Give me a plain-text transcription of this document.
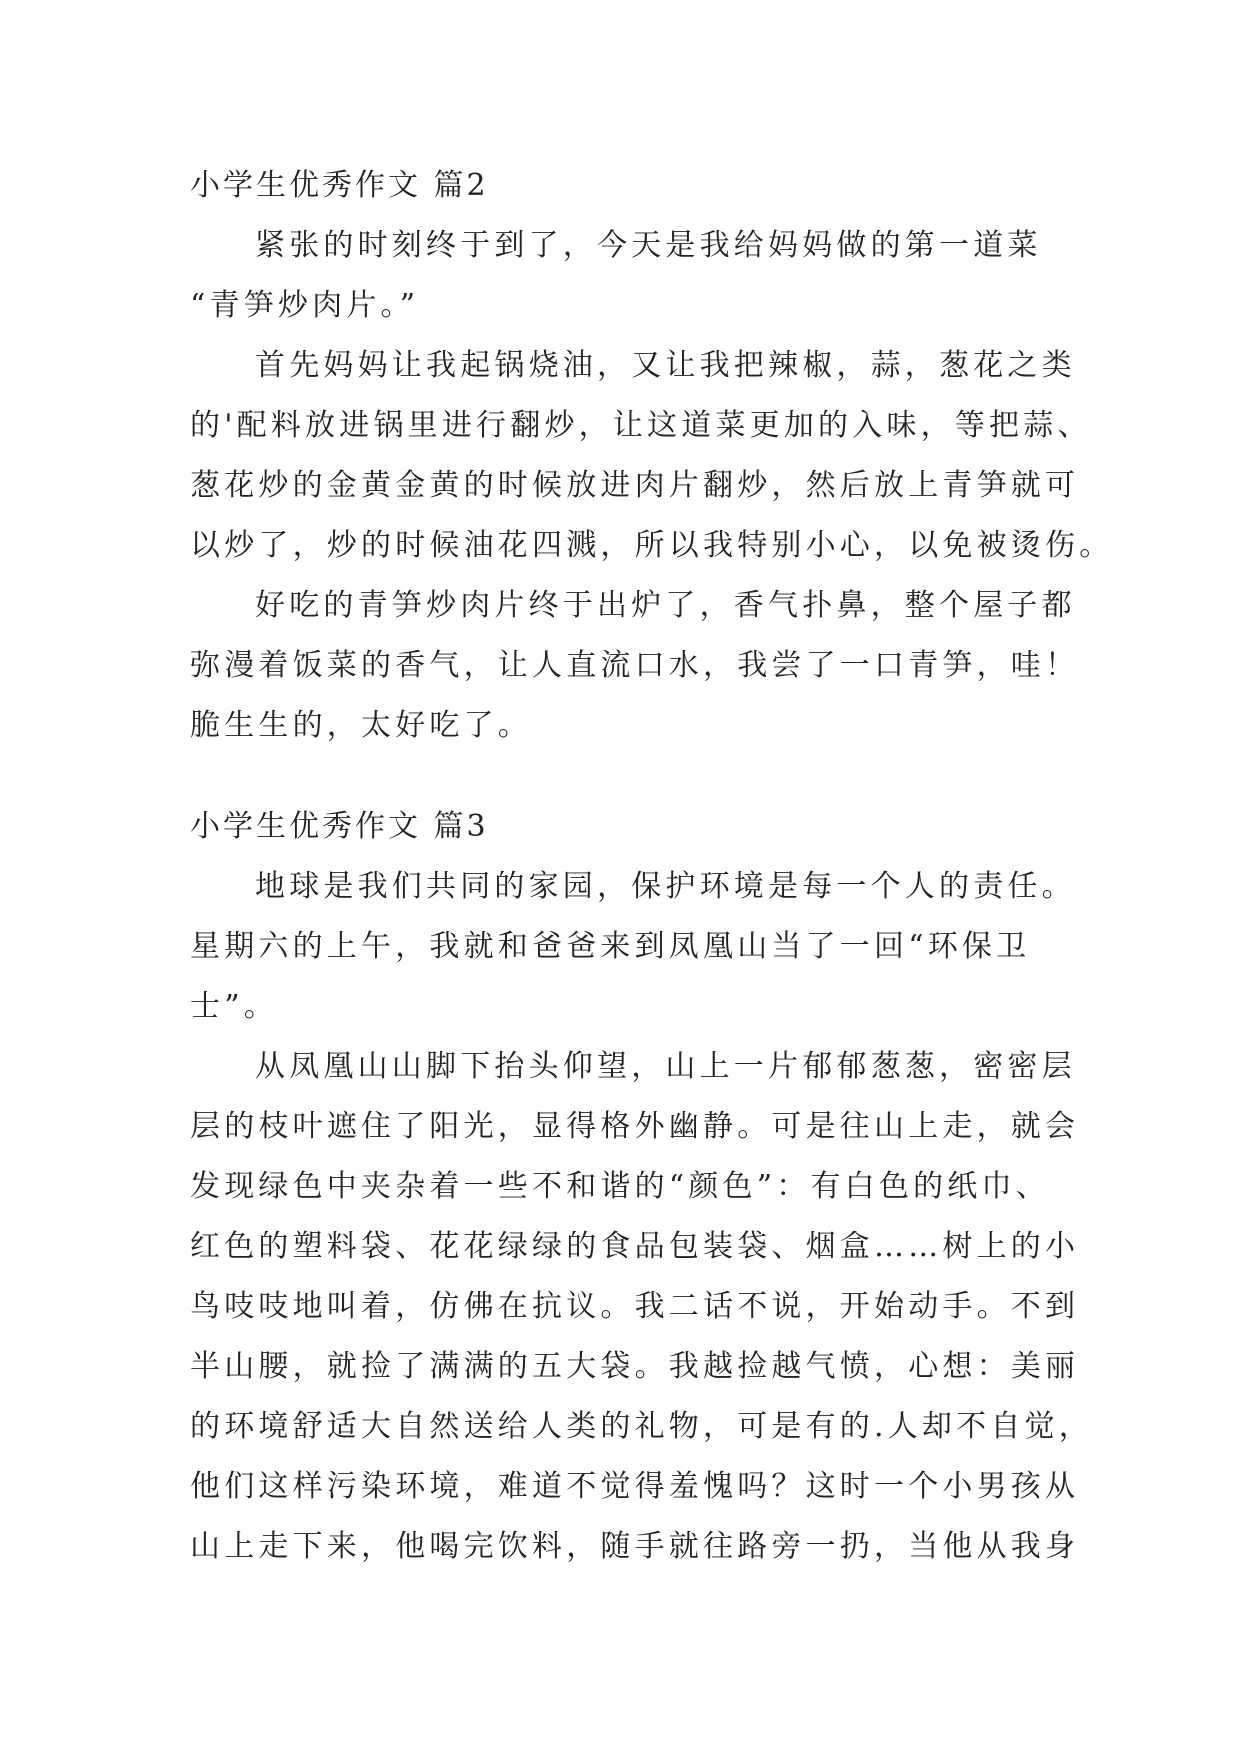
小学生优秀作文 篇2
紧张的时刻终于到了，今天是我给妈妈做的第一道菜
“青笋炒肉片。”
首先妈妈让我起锅烧油，又让我把辣椒，蒜，葱花之类
的'配料放进锅里进行翻炒，让这道菜更加的入味，等把蒜、
葱花炒的金黄金黄的时候放进肉片翻炒，然后放上青笋就可
以炒了，炒的时候油花四溅，所以我特别小心，以免被烫伤。
好吃的青笋炒肉片终于出炉了，香气扑鼻，整个屋子都
弥漫着饭菜的香气，让人直流口水，我尝了一口青笋，哇！
脆生生的，太好吃了。
小学生优秀作文 篇3
地球是我们共同的家园，保护环境是每一个人的责任。
星期六的上午，我就和爸爸来到凤凰山当了一回“环保卫
士”。
从凤凰山山脚下抬头仰望，山上一片郁郁葱葱，密密层
层的枝叶遮住了阳光，显得格外幽静。可是往山上走，就会
发现绿色中夹杂着一些不和谐的“颜色”：有白色的纸巾、
红色的塑料袋、花花绿绿的食品包装袋、烟盒……树上的小
鸟吱吱地叫着，仿佛在抗议。我二话不说，开始动手。不到
半山腰，就捡了满满的五大袋。我越捡越气愤，心想：美丽
的环境舒适大自然送给人类的礼物，可是有的.人却不自觉，
他们这样污染环境，难道不觉得羞愧吗？这时一个小男孩从
山上走下来，他喝完饮料，随手就往路旁一扔，当他从我身
